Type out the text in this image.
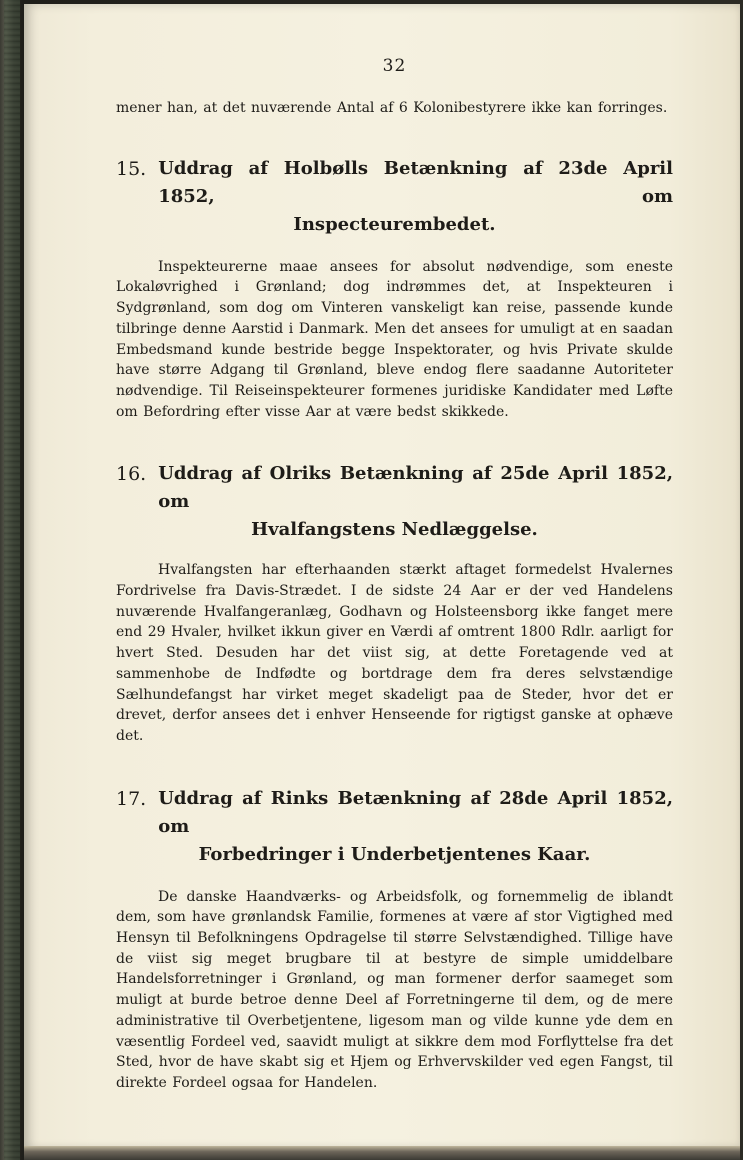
32

mener han, at det nuværende Antal af 6 Kolonibestyrere ikke kan forringes.

15. Uddrag af Holbølls Betænkning af 23de April 1852, om
Inspecteurembedet.

Inspekteurerne maae ansees for absolut nødvendige, som eneste Lokaløvrighed i Grønland; dog indrømmes det, at Inspekteuren i Sydgrønland, som dog om Vinteren vanskeligt kan reise, passende kunde tilbringe denne Aarstid i Danmark. Men det ansees for umuligt at en saadan Embedsmand kunde bestride begge Inspektorater, og hvis Private skulde have større Adgang til Grønland, bleve endog flere saadanne Autoriteter nødvendige. Til Reiseinspekteurer formenes juridiske Kandidater med Løfte om Befordring efter visse Aar at være bedst skikkede.

16. Uddrag af Olriks Betænkning af 25de April 1852, om
Hvalfangstens Nedlæggelse.

Hvalfangsten har efterhaanden stærkt aftaget formedelst Hvalernes Fordrivelse fra Davis-Strædet. I de sidste 24 Aar er der ved Handelens nuværende Hvalfangeranlæg, Godhavn og Holsteensborg ikke fanget mere end 29 Hvaler, hvilket ikkun giver en Værdi af omtrent 1800 Rdlr. aarligt for hvert Sted. Desuden har det viist sig, at dette Foretagende ved at sammenhobe de Indfødte og bortdrage dem fra deres selvstændige Sælhundefangst har virket meget skadeligt paa de Steder, hvor det er drevet, derfor ansees det i enhver Henseende for rigtigst ganske at ophæve det.

17. Uddrag af Rinks Betænkning af 28de April 1852, om
Forbedringer i Underbetjentenes Kaar.

De danske Haandværks- og Arbeidsfolk, og fornemmelig de iblandt dem, som have grønlandsk Familie, formenes at være af stor Vigtighed med Hensyn til Befolkningens Opdragelse til større Selvstændighed. Tillige have de viist sig meget brugbare til at bestyre de simple umiddelbare Handelsforretninger i Grønland, og man formener derfor saameget som muligt at burde betroe denne Deel af Forretningerne til dem, og de mere administrative til Overbetjentene, ligesom man og vilde kunne yde dem en væsentlig Fordeel ved, saavidt muligt at sikkre dem mod Forflyttelse fra det Sted, hvor de have skabt sig et Hjem og Erhvervskilder ved egen Fangst, til direkte Fordeel ogsaa for Handelen.
